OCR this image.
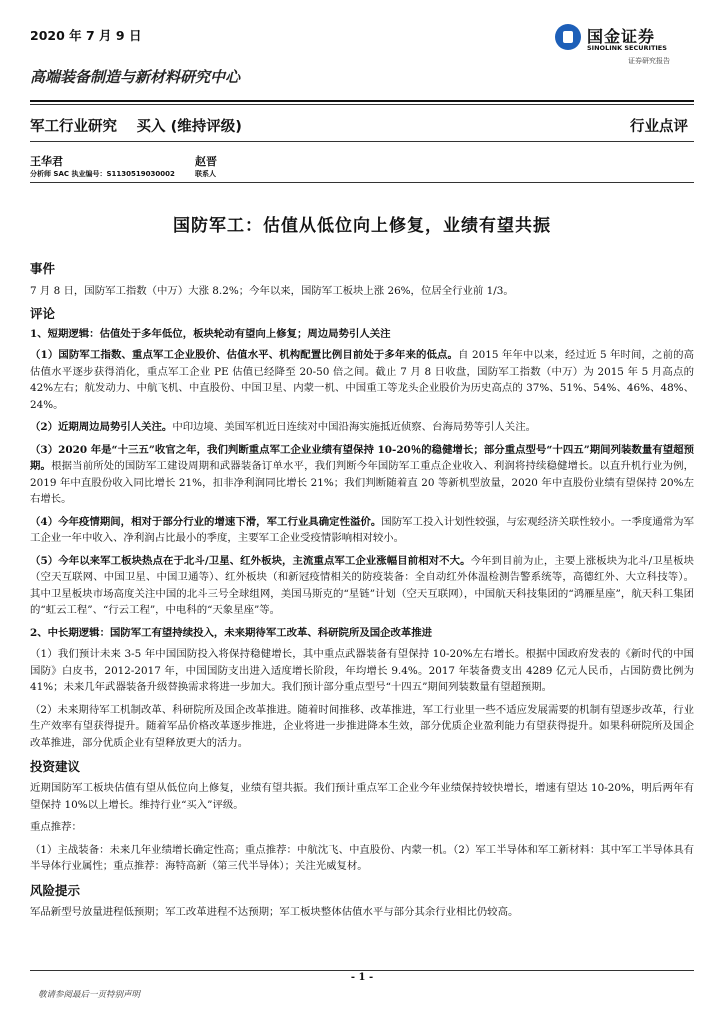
2020 年 7 月 9 日	国金证券
SINOLINK SECURITIES
证券研究报告
高端装备制造与新材料研究中心
军工行业研究　 买入 (维持评级)	行业点评
王华君
分析师 SAC 执业编号：S1130519030002
赵晋
联系人
国防军工：估值从低位向上修复，业绩有望共振

事件

7 月 8 日，国防军工指数（中万）大涨 8.2%；今年以来，国防军工板块上涨 26%，位居全行业前 1/3。

评论

1、短期逻辑：估值处于多年低位，板块轮动有望向上修复；周边局势引人关注

（1）国防军工指数、重点军工企业股价、估值水平、机构配置比例目前处于多年来的低点。自 2015 年年中以来，经过近 5 年时间，之前的高估值水平逐步获得消化，重点军工企业 PE 估值已经降至 20-50 倍之间。截止 7 月 8 日收盘，国防军工指数（中万）为 2015 年 5 月高点的 42%左右；航发动力、中航飞机、中直股份、中国卫星、内蒙一机、中国重工等龙头企业股价为历史高点的 37%、51%、54%、46%、48%、24%。

（2）近期周边局势引人关注。中印边境、美国军机近日连续对中国沿海实施抵近侦察、台海局势等引人关注。

（3）2020 年是“十三五”收官之年，我们判断重点军工企业业绩有望保持 10-20％的稳健增长；部分重点型号“十四五”期间列装数量有望超预期。根据当前所处的国防军工建设周期和武器装备订单水平，我们判断今年国防军工重点企业收入、利润将持续稳健增长。以直升机行业为例，2019 年中直股份收入同比增长 21%，扣非净利润同比增长 21%；我们判断随着直 20 等新机型放量，2020 年中直股份业绩有望保持 20%左右增长。

（4）今年疫情期间，相对于部分行业的增速下滑，军工行业具确定性溢价。国防军工投入计划性较强，与宏观经济关联性较小。一季度通常为军工企业一年中收入、净利润占比最小的季度，主要军工企业受疫情影响相对较小。

（5）今年以来军工板块热点在于北斗/卫星、红外板块，主流重点军工企业涨幅目前相对不大。今年到目前为止，主要上涨板块为北斗/卫星板块（空天互联网、中国卫星、中国卫通等）、红外板块（和新冠疫情相关的防疫装备：全自动红外体温检测告警系统等，高德红外、大立科技等）。其中卫星板块市场高度关注中国的北斗三号全球组网，美国马斯克的“星链”计划（空天互联网），中国航天科技集团的“鸿雁星座”，航天科工集团的“虹云工程”、“行云工程”，中电科的“天象星座”等。

2、中长期逻辑：国防军工有望持续投入，未来期待军工改革、科研院所及国企改革推进

（1）我们预计未来 3-5 年中国国防投入将保持稳健增长，其中重点武器装备有望保持 10-20%左右增长。根据中国政府发表的《新时代的中国国防》白皮书，2012-2017 年，中国国防支出进入适度增长阶段，年均增长 9.4%。2017 年装备费支出 4289 亿元人民币，占国防费比例为 41%；未来几年武器装备升级替换需求将进一步加大。我们预计部分重点型号“十四五”期间列装数量有望超预期。

（2）未来期待军工机制改革、科研院所及国企改革推进。随着时间推移、改革推进，军工行业里一些不适应发展需要的机制有望逐步改革，行业生产效率有望获得提升。随着军品价格改革逐步推进，企业将进一步推进降本生效，部分优质企业盈利能力有望获得提升。如果科研院所及国企改革推进，部分优质企业有望释放更大的活力。

投资建议

近期国防军工板块估值有望从低位向上修复，业绩有望共振。我们预计重点军工企业今年业绩保持较快增长，增速有望达 10-20%，明后两年有望保持 10%以上增长。维持行业“买入”评级。

重点推荐：

（1）主战装备：未来几年业绩增长确定性高；重点推荐：中航沈飞、中直股份、内蒙一机。（2）军工半导体和军工新材料：其中军工半导体具有半导体行业属性；重点推荐：海特高新（第三代半导体）；关注光威复材。

风险提示

军品新型号放量进程低预期；军工改革进程不达预期；军工板块整体估值水平与部分其余行业相比仍较高。

- 1 -
敬请参阅最后一页特别声明
